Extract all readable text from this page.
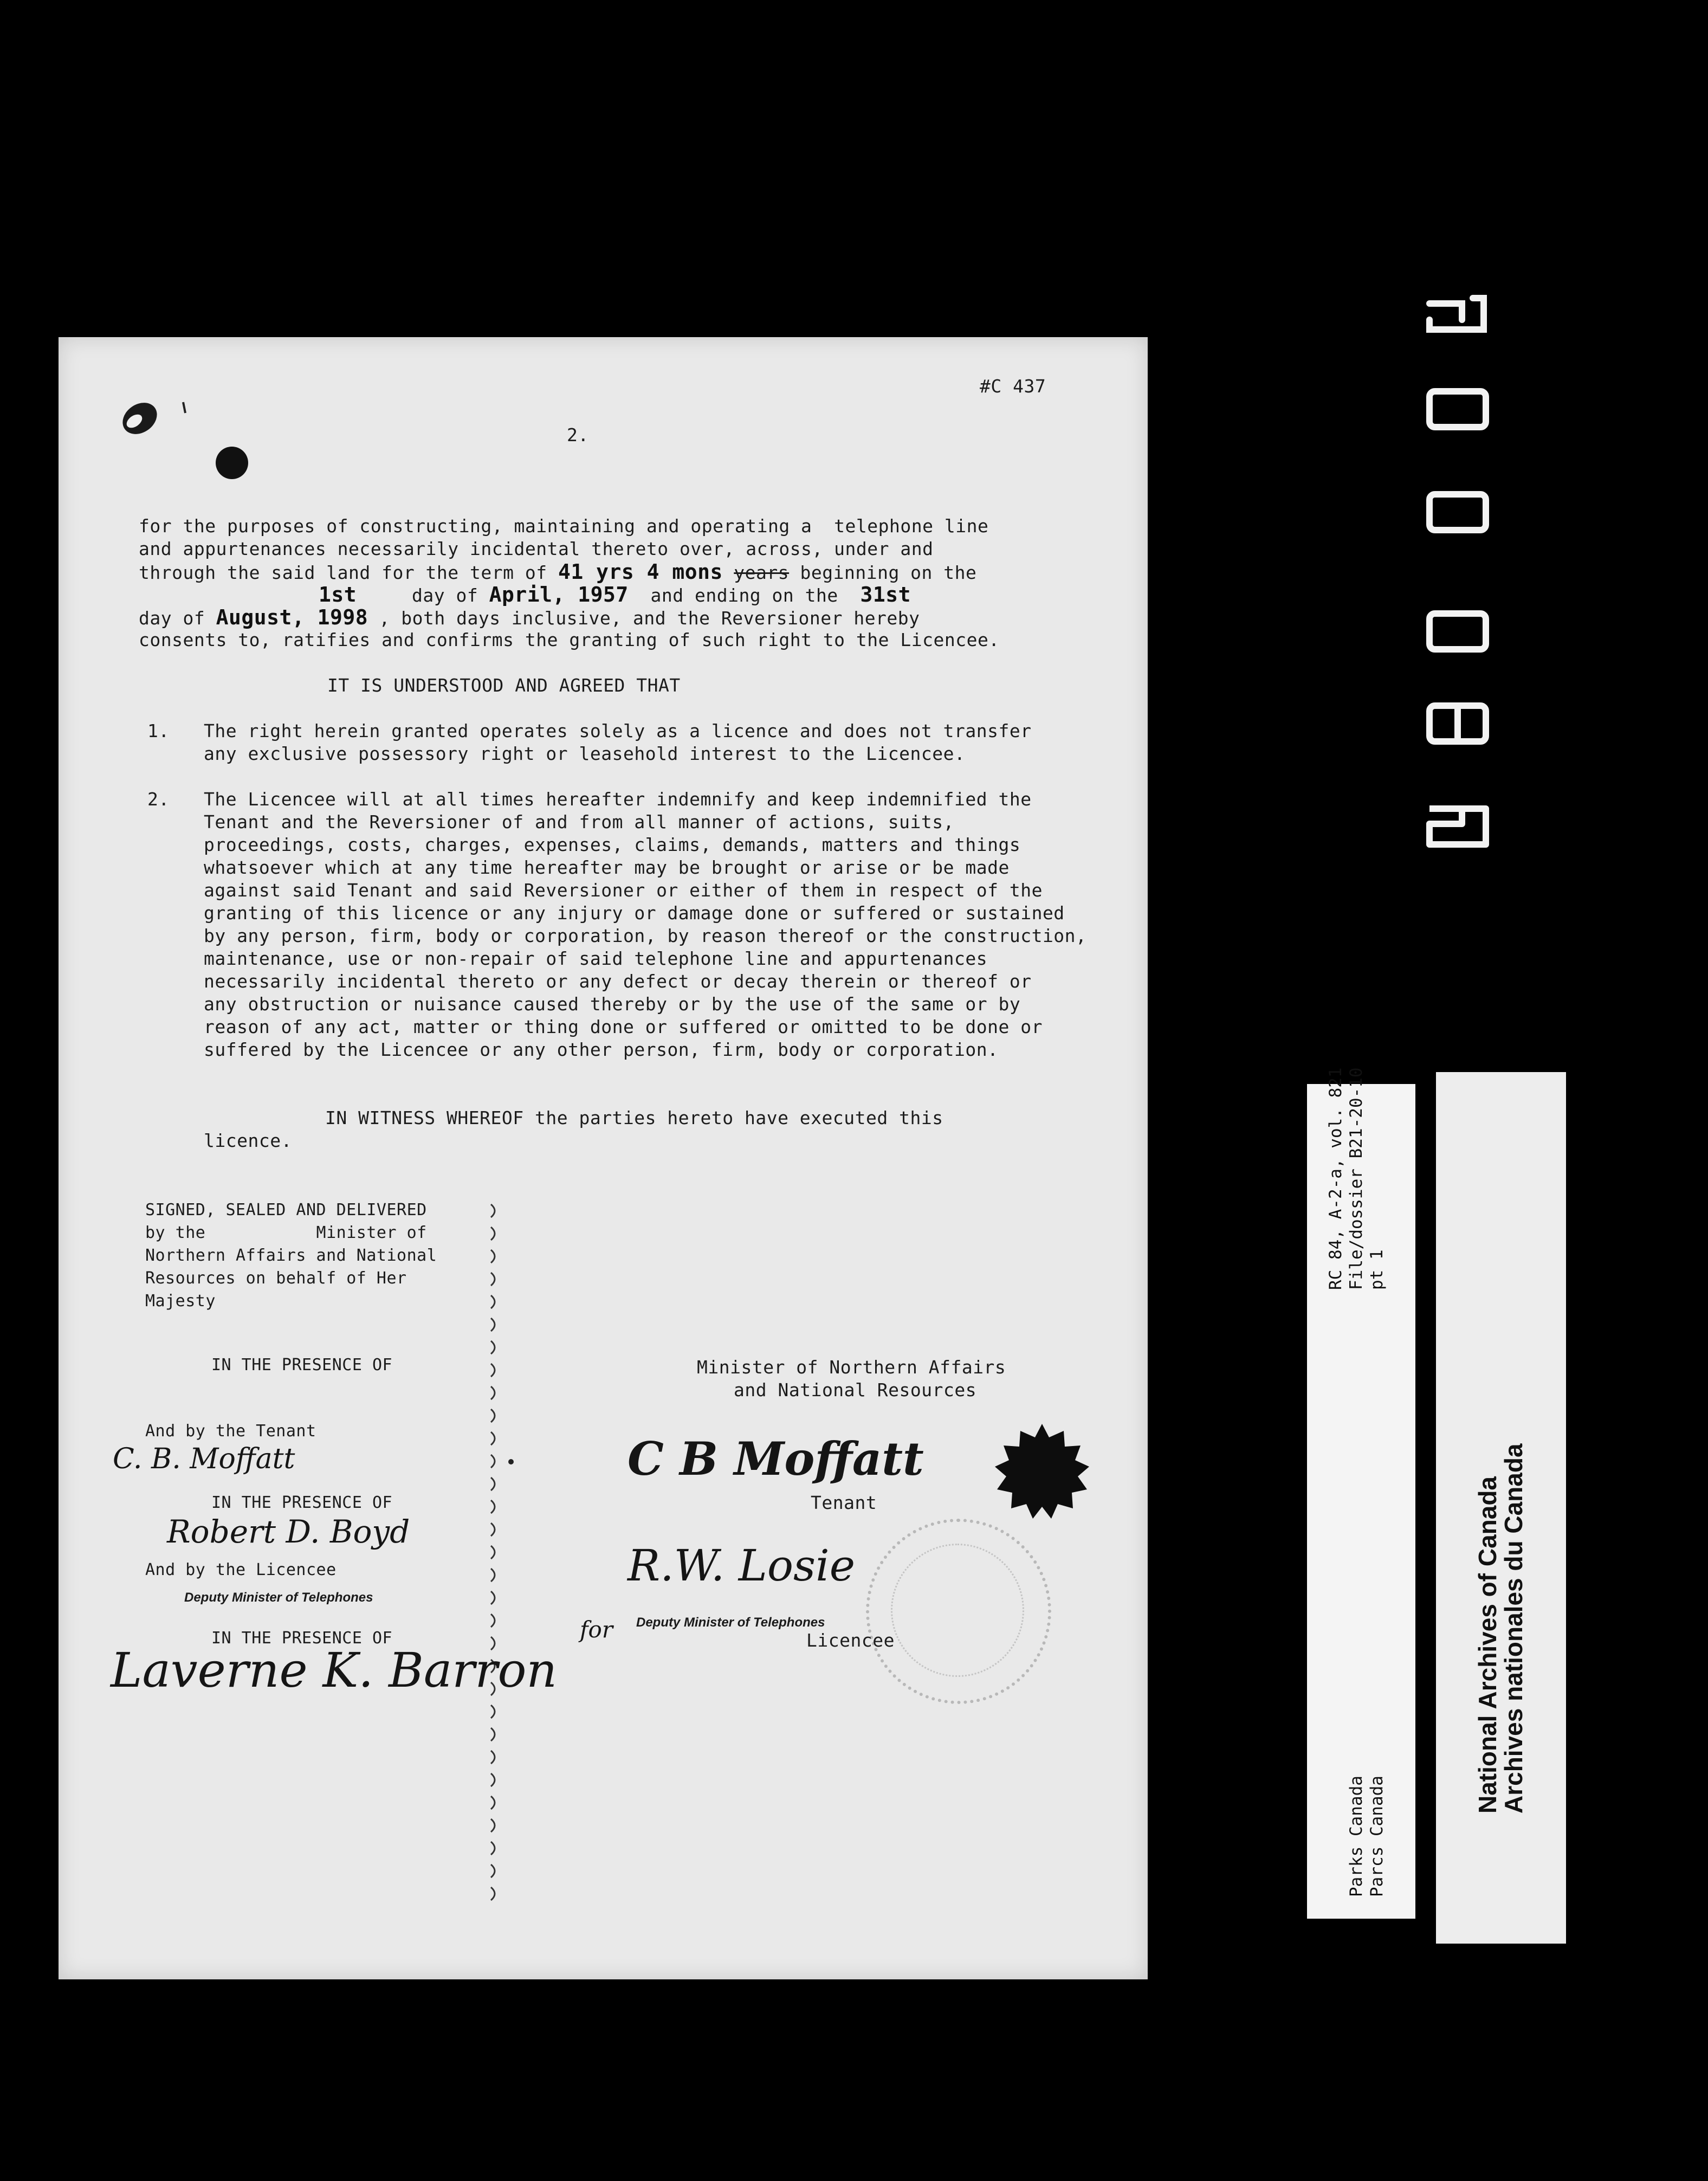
#C 437
2.
for the purposes of constructing, maintaining and operating a  telephone line
and appurtenances necessarily incidental thereto over, across, under and
through the said land for the term of 41 yrs 4 mons years beginning on the
1st	day of April, 1957 and ending on the 31st
day of August, 1998 , both days inclusive, and the Reversioner hereby
consents to, ratifies and confirms the granting of such right to the Licencee.
IT IS UNDERSTOOD AND AGREED THAT
1. The right herein granted operates solely as a licence and does not transfer
any exclusive possessory right or leasehold interest to the Licencee.
2. The Licencee will at all times hereafter indemnify and keep indemnified the
Tenant and the Reversioner of and from all manner of actions, suits,
proceedings, costs, charges, expenses, claims, demands, matters and things
whatsoever which at any time hereafter may be brought or arise or be made
against said Tenant and said Reversioner or either of them in respect of the
granting of this licence or any injury or damage done or suffered or sustained
by any person, firm, body or corporation, by reason thereof or the construction,
maintenance, use or non-repair of said telephone line and appurtenances
necessarily incidental thereto or any defect or decay therein or thereof or
any obstruction or nuisance caused thereby or by the use of the same or by
reason of any act, matter or thing done or suffered or omitted to be done or
suffered by the Licencee or any other person, firm, body or corporation.
IN WITNESS WHEREOF the parties hereto have executed this
licence.
SIGNED, SEALED AND DELIVERED
by the           Minister of
Northern Affairs and National
Resources on behalf of Her
Majesty
IN THE PRESENCE OF	Minister of Northern Affairs
and National Resources
And by the Tenant
C. B. Moffatt
IN THE PRESENCE OF
C B Moffatt
Tenant
Robert D. Boyd
And by the Licencee
Deputy Minister of Telephones
IN THE PRESENCE OF
Laverne K. Barron
R.W. Losie
for Deputy Minister of Telephones
Licencee
RC 84, A-2-a, vol. 821 File/dossier B21-20-10 pt 1
Parks Canada Parcs Canada
National Archives of Canada
Archives nationales du Canada
